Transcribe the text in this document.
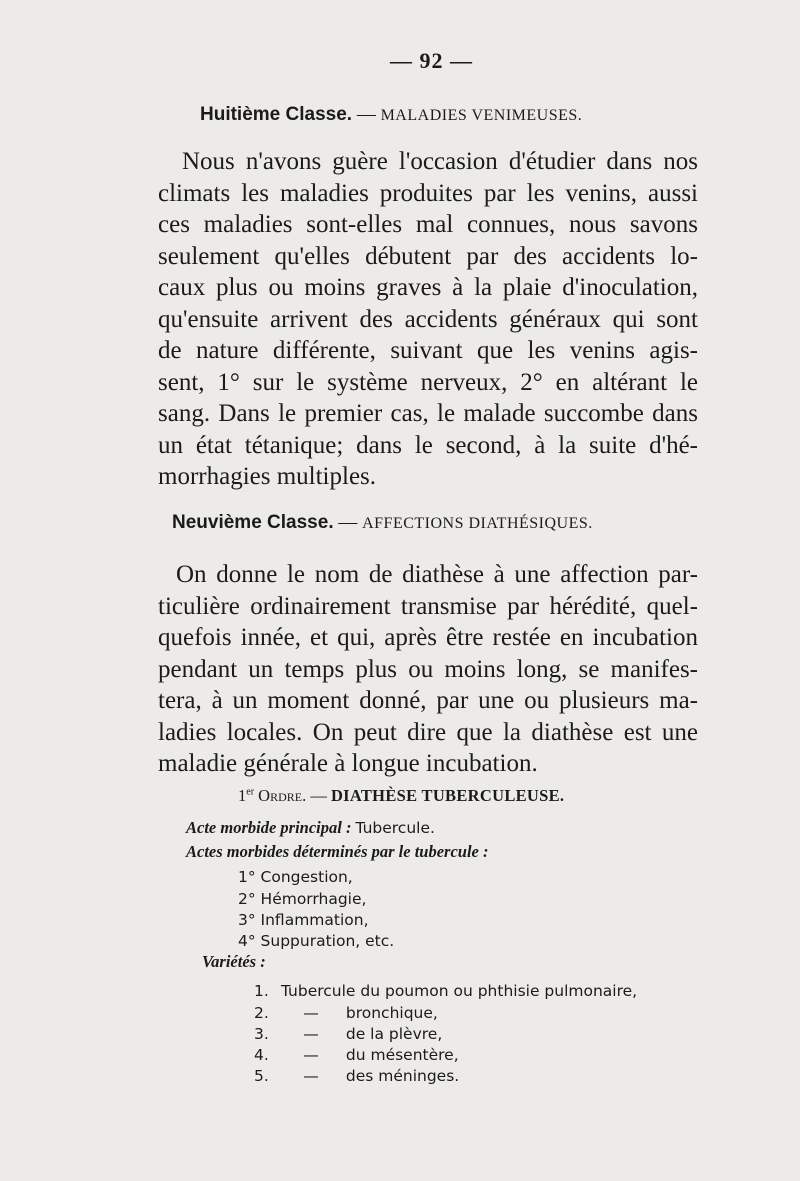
— 92 —
Huitième Classe. — MALADIES VENIMEUSES.
Nous n'avons guère l'occasion d'étudier dans nos
climats les maladies produites par les venins, aussi
ces maladies sont-elles mal connues, nous savons
seulement qu'elles débutent par des accidents lo-
caux plus ou moins graves à la plaie d'inoculation,
qu'ensuite arrivent des accidents généraux qui sont
de nature différente, suivant que les venins agis-
sent, 1° sur le système nerveux, 2° en altérant le
sang. Dans le premier cas, le malade succombe dans
un état tétanique; dans le second, à la suite d'hé-
morrhagies multiples.
Neuvième Classe. — AFFECTIONS DIATHÉSIQUES.
On donne le nom de diathèse à une affection par-
ticulière ordinairement transmise par hérédité, quel-
quefois innée, et qui, après être restée en incubation
pendant un temps plus ou moins long, se manifes-
tera, à un moment donné, par une ou plusieurs ma-
ladies locales. On peut dire que la diathèse est une
maladie générale à longue incubation.
1er Ordre. — DIATHÈSE TUBERCULEUSE.
Acte morbide principal : Tubercule.
Actes morbides déterminés par le tubercule :
1° Congestion,
2° Hémorrhagie,
3° Inflammation,
4° Suppuration, etc.
Variétés :
1. Tubercule du poumon ou phthisie pulmonaire,
2. — bronchique,
3. — de la plèvre,
4. — du mésentère,
5. — des méninges.
